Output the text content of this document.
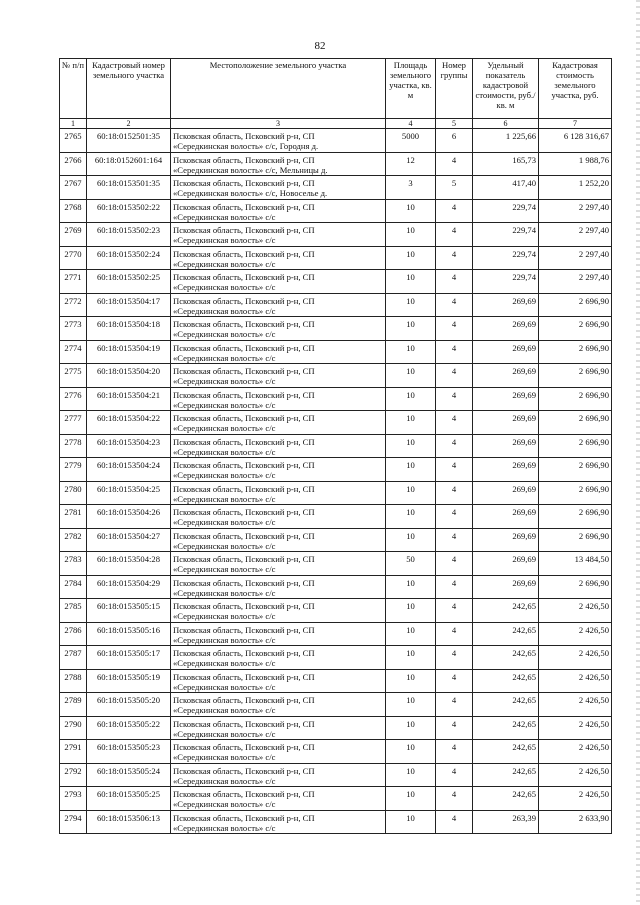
82
№ п/п	Кадастровый номер земельного участка	Местоположение земельного участка	Площадь земельного участка, кв. м	Номер группы	Удельный показатель кадастровой стоимости, руб./кв. м	Кадастровая стоимость земельного участка, руб.
1	2	3	4	5	6	7
2765	60:18:0152501:35	Псковская область, Псковский р-н, СП
«Середкинская волость» с/с, Городня д.	5000	6	1 225,66	6 128 316,67
2766	60:18:0152601:164	Псковская область, Псковский р-н, СП
«Середкинская волость» с/с, Мельницы д.	12	4	165,73	1 988,76
2767	60:18:0153501:35	Псковская область, Псковский р-н, СП
«Середкинская волость» с/с, Новоселье д.	3	5	417,40	1 252,20
2768	60:18:0153502:22	Псковская область, Псковский р-н, СП
«Середкинская волость» с/с	10	4	229,74	2 297,40
2769	60:18:0153502:23	Псковская область, Псковский р-н, СП
«Середкинская волость» с/с	10	4	229,74	2 297,40
2770	60:18:0153502:24	Псковская область, Псковский р-н, СП
«Середкинская волость» с/с	10	4	229,74	2 297,40
2771	60:18:0153502:25	Псковская область, Псковский р-н, СП
«Середкинская волость» с/с	10	4	229,74	2 297,40
2772	60:18:0153504:17	Псковская область, Псковский р-н, СП
«Середкинская волость» с/с	10	4	269,69	2 696,90
2773	60:18:0153504:18	Псковская область, Псковский р-н, СП
«Середкинская волость» с/с	10	4	269,69	2 696,90
2774	60:18:0153504:19	Псковская область, Псковский р-н, СП
«Середкинская волость» с/с	10	4	269,69	2 696,90
2775	60:18:0153504:20	Псковская область, Псковский р-н, СП
«Середкинская волость» с/с	10	4	269,69	2 696,90
2776	60:18:0153504:21	Псковская область, Псковский р-н, СП
«Середкинская волость» с/с	10	4	269,69	2 696,90
2777	60:18:0153504:22	Псковская область, Псковский р-н, СП
«Середкинская волость» с/с	10	4	269,69	2 696,90
2778	60:18:0153504:23	Псковская область, Псковский р-н, СП
«Середкинская волость» с/с	10	4	269,69	2 696,90
2779	60:18:0153504:24	Псковская область, Псковский р-н, СП
«Середкинская волость» с/с	10	4	269,69	2 696,90
2780	60:18:0153504:25	Псковская область, Псковский р-н, СП
«Середкинская волость» с/с	10	4	269,69	2 696,90
2781	60:18:0153504:26	Псковская область, Псковский р-н, СП
«Середкинская волость» с/с	10	4	269,69	2 696,90
2782	60:18:0153504:27	Псковская область, Псковский р-н, СП
«Середкинская волость» с/с	10	4	269,69	2 696,90
2783	60:18:0153504:28	Псковская область, Псковский р-н, СП
«Середкинская волость» с/с	50	4	269,69	13 484,50
2784	60:18:0153504:29	Псковская область, Псковский р-н, СП
«Середкинская волость» с/с	10	4	269,69	2 696,90
2785	60:18:0153505:15	Псковская область, Псковский р-н, СП
«Середкинская волость» с/с	10	4	242,65	2 426,50
2786	60:18:0153505:16	Псковская область, Псковский р-н, СП
«Середкинская волость» с/с	10	4	242,65	2 426,50
2787	60:18:0153505:17	Псковская область, Псковский р-н, СП
«Середкинская волость» с/с	10	4	242,65	2 426,50
2788	60:18:0153505:19	Псковская область, Псковский р-н, СП
«Середкинская волость» с/с	10	4	242,65	2 426,50
2789	60:18:0153505:20	Псковская область, Псковский р-н, СП
«Середкинская волость» с/с	10	4	242,65	2 426,50
2790	60:18:0153505:22	Псковская область, Псковский р-н, СП
«Середкинская волость» с/с	10	4	242,65	2 426,50
2791	60:18:0153505:23	Псковская область, Псковский р-н, СП
«Середкинская волость» с/с	10	4	242,65	2 426,50
2792	60:18:0153505:24	Псковская область, Псковский р-н, СП
«Середкинская волость» с/с	10	4	242,65	2 426,50
2793	60:18:0153505:25	Псковская область, Псковский р-н, СП
«Середкинская волость» с/с	10	4	242,65	2 426,50
2794	60:18:0153506:13	Псковская область, Псковский р-н, СП
«Середкинская волость» с/с	10	4	263,39	2 633,90
